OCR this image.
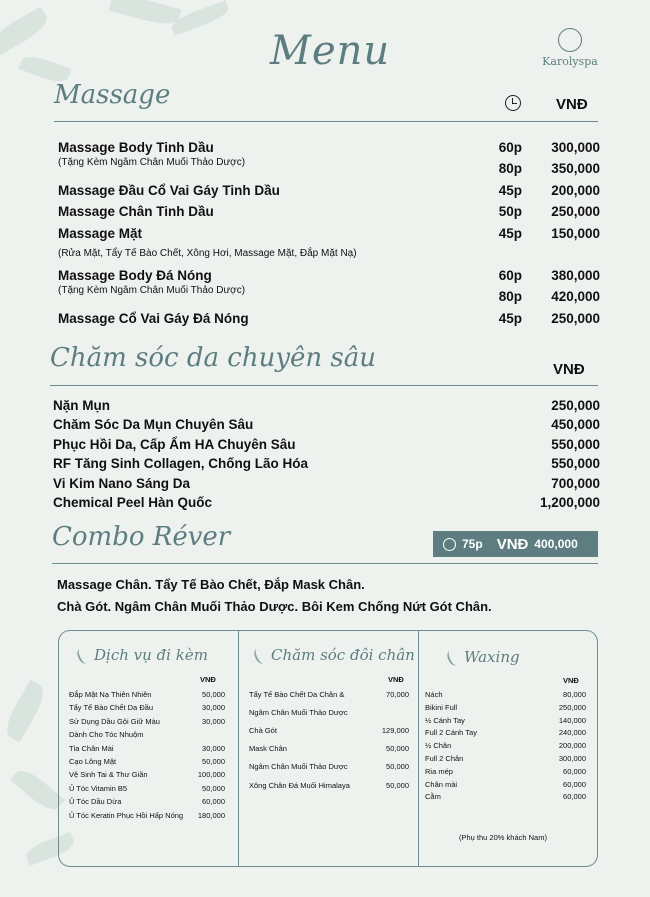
Menu	Karolyspa
Massage	VNĐ
Massage Body Tinh Dầu	60p 300,000
(Tặng Kèm Ngâm Chân Muối Thảo Dược)	80p 350,000
Massage Đầu Cổ Vai Gáy Tinh Dầu	45p 200,000
Massage Chân Tinh Dầu	50p 250,000
Massage Mặt	45p 150,000
(Rửa Mặt, Tẩy Tế Bào Chết, Xông Hơi, Massage Mặt, Đắp Mặt Nạ)
Massage Body Đá Nóng	60p 380,000
(Tặng Kèm Ngâm Chân Muối Thảo Dược)	80p 420,000
Massage Cổ Vai Gáy Đá Nóng	45p 250,000
Chăm sóc da chuyên sâu	VNĐ
Nặn Mụn	250,000
Chăm Sóc Da Mụn Chuyên Sâu	450,000
Phục Hồi Da, Cấp Ẩm HA Chuyên Sâu	550,000
RF Tăng Sinh Collagen, Chống Lão Hóa	550,000
Vi Kim Nano Sáng Da	700,000
Chemical Peel Hàn Quốc	1,200,000
Combo Réver	75p VNĐ 400,000
Massage Chân. Tẩy Tế Bào Chết, Đắp Mask Chân.
Chà Gót. Ngâm Chân Muối Thảo Dược. Bôi Kem Chống Nứt Gót Chân.
Dịch vụ đi kèm	Chăm sóc đôi chân	Waxing
VNĐ	VNĐ	VNĐ
Đắp Mặt Nạ Thiên Nhiên	50,000
Tẩy Tế Bào Chết Da Đầu	30,000
Sử Dụng Dầu Gội Giữ Màu	30,000
Dành Cho Tóc Nhuộm
Tỉa Chân Mài	30,000
Cạo Lông Mặt	50,000
Vệ Sinh Tai & Thư Giãn	100,000
Ủ Tóc Vitamin B5	50,000
Ủ Tóc Dầu Dừa	60,000
Ủ Tóc Keratin Phục Hồi Hấp Nóng 180,000
Tẩy Tế Bào Chết Da Chân &	70,000
Ngâm Chân Muối Thảo Dược
Chà Gót	129,000
Mask Chân	50,000
Ngâm Chân Muối Thảo Dược	50,000
Xông Chân Đá Muối Himalaya	50,000
Nách	80,000
Bikini Full	250,000
½ Cánh Tay	140,000
Full 2 Cánh Tay	240,000
½ Chân	200,000
Full 2 Chân	300,000
Ria mép	60,000
Chân mài	60,000
Cằm	60,000
(Phụ thu 20% khách Nam)
